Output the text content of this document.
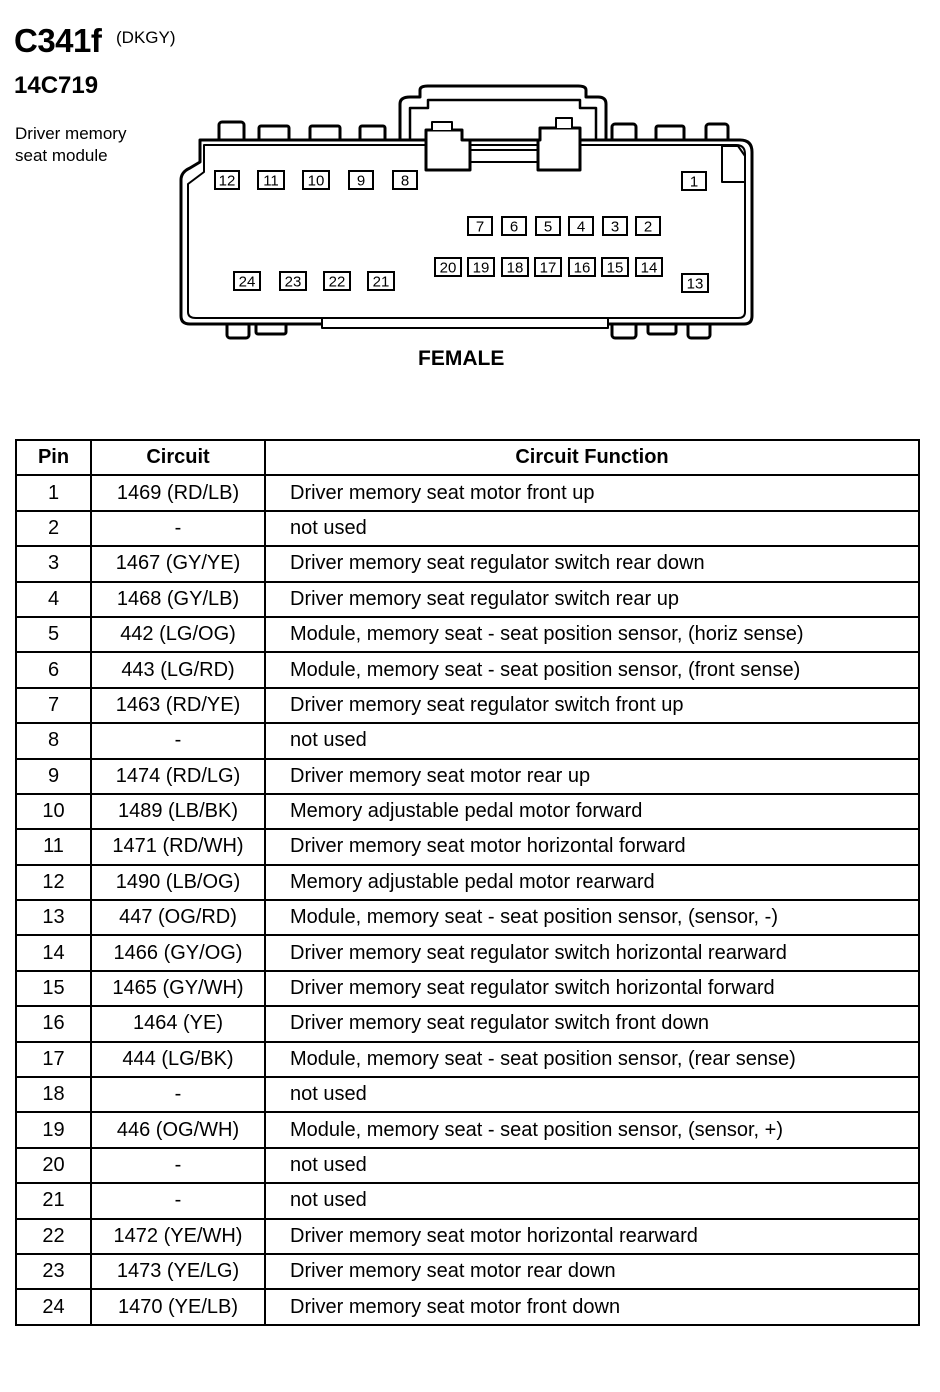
C341f (DKGY)
14C719
Driver memory seat module
1
2
3
4
5
6
7
8
9
10
11
12
13
14
15
16
17
18
19
20
21
22
23
24
FEMALE
Pin	Circuit	Circuit Function
1	1469 (RD/LB)	Driver memory seat motor front up
2	-	not used
3	1467 (GY/YE)	Driver memory seat regulator switch rear down
4	1468 (GY/LB)	Driver memory seat regulator switch rear up
5	442 (LG/OG)	Module, memory seat - seat position sensor, (horiz sense)
6	443 (LG/RD)	Module, memory seat - seat position sensor, (front sense)
7	1463 (RD/YE)	Driver memory seat regulator switch front up
8	-	not used
9	1474 (RD/LG)	Driver memory seat motor rear up
10	1489 (LB/BK)	Memory adjustable pedal motor forward
11	1471 (RD/WH)	Driver memory seat motor horizontal forward
12	1490 (LB/OG)	Memory adjustable pedal motor rearward
13	447 (OG/RD)	Module, memory seat - seat position sensor, (sensor, -)
14	1466 (GY/OG)	Driver memory seat regulator switch horizontal rearward
15	1465 (GY/WH)	Driver memory seat regulator switch horizontal forward
16	1464 (YE)	Driver memory seat regulator switch front down
17	444 (LG/BK)	Module, memory seat - seat position sensor, (rear sense)
18	-	not used
19	446 (OG/WH)	Module, memory seat - seat position sensor, (sensor, +)
20	-	not used
21	-	not used
22	1472 (YE/WH)	Driver memory seat motor horizontal rearward
23	1473 (YE/LG)	Driver memory seat motor rear down
24	1470 (YE/LB)	Driver memory seat motor front down
